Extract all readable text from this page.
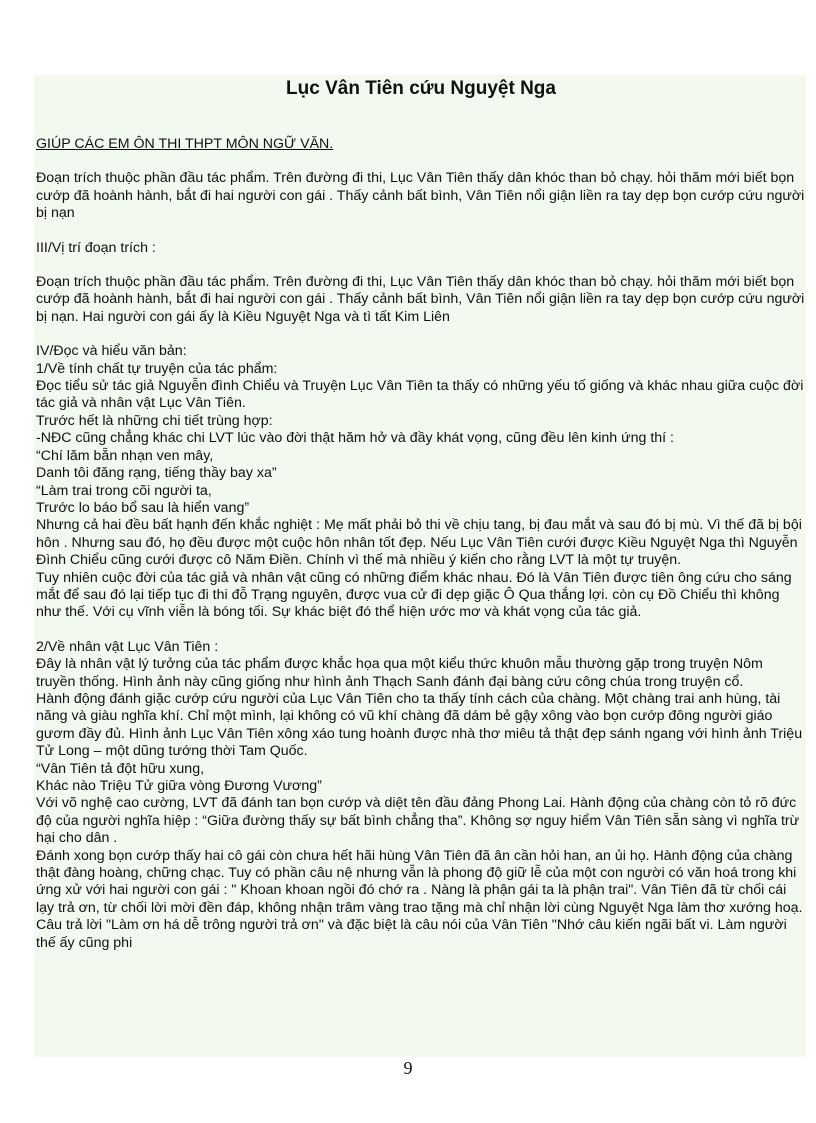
Lục Vân Tiên cứu Nguyệt Nga

GIÚP CÁC EM ÔN THI THPT MÔN NGỮ VĂN.

Đoạn trích thuộc phần đầu tác phẩm. Trên đường đi thi, Lục Vân Tiên thấy dân khóc than bỏ chạy. hỏi thăm mới biết bọn cướp đã hoành hành, bắt đi hai người con gái . Thấy cảnh bất bình, Vân Tiên nổi giận liền ra tay dẹp bọn cướp cứu người bị nạn

III/Vị trí đoạn trích :

Đoạn trích thuộc phần đầu tác phẩm. Trên đường đi thi, Lục Vân Tiên thấy dân khóc than bỏ chạy. hỏi thăm mới biết bọn cướp đã hoành hành, bắt đi hai người con gái . Thấy cảnh bất bình, Vân Tiên nổi giận liền ra tay dẹp bọn cướp cứu người bị nạn. Hai người con gái ấy là Kiều Nguyệt Nga và tì tất Kim Liên

IV/Đọc và hiểu văn bản:

1/Về tính chất tự truyện của tác phẩm:

Đọc tiểu sử tác giả Nguyễn đình Chiểu và Truyện Lục Vân Tiên ta thấy có những yếu tố giống và khác nhau giữa cuộc đời tác giả và nhân vật Lục Vân Tiên.

Trước hết là những chi tiết trùng hợp:

-NĐC cũng chẳng khác chi LVT lúc vào đời thật hăm hở và đầy khát vọng, cũng đều lên kinh ứng thí :

“Chí lăm bẵn nhạn ven mây,

Danh tôi đăng rạng, tiếng thầy bay xa”

“Làm trai trong cõi người ta,

Trước lo báo bổ sau là hiển vang”

Nhưng cả hai đều bất hạnh đến khắc nghiệt : Mẹ mất phải bỏ thi về chịu tang, bị đau mắt và sau đó bị mù. Vì thế đã bị bội hôn . Nhưng sau đó, họ đều được một cuộc hôn nhân tốt đẹp. Nếu Lục Vân Tiên cưới được Kiều Nguyệt Nga thì Nguyễn Đình Chiểu cũng cưới được cô Năm Điền. Chính vì thế mà nhiều ý kiến cho rằng LVT là một tự truyện.

Tuy nhiên cuộc đời của tác giả và nhân vật cũng có những điểm khác nhau. Đó là Vân Tiên được tiên ông cứu cho sáng mắt để sau đó lại tiếp tục đi thi đỗ Trạng nguyên, được vua cử đi dẹp giặc Ô Qua thắng lợi. còn cụ Đồ Chiểu thì không như thế. Với cụ vĩnh viễn là bóng tối. Sự khác biệt đó thể hiện ước mơ và khát vọng của tác giả.

2/Về nhân vật Lục Vân Tiên :

Đây là nhân vật lý tưởng của tác phẩm được khắc họa qua một kiểu thức khuôn mẫu thường gặp trong truyện Nôm truyền thống. Hình ảnh này cũng giống như hình ảnh Thạch Sanh đánh đại bàng cứu công chúa trong truyện cổ.

Hành động đánh giặc cướp cứu người của Lục Vân Tiên cho ta thấy tính cách của chàng. Một chàng trai anh hùng, tài năng và giàu nghĩa khí. Chỉ một mình, lại không có vũ khí chàng đã dám bẻ gậy xông vào bọn cướp đông người giáo gươm đầy đủ. Hình ảnh Lục Vân Tiên xông xáo tung hoành được nhà thơ miêu tả thật đẹp sánh ngang với hình ảnh Triệu Tử Long – một dũng tướng thời Tam Quốc.

“Vân Tiên tả đột hữu xung,

Khác nào Triệu Tử giữa vòng Đương Vương”

Với võ nghệ cao cường, LVT đã đánh tan bọn cướp và diệt tên đầu đảng Phong Lai. Hành động của chàng còn tỏ rõ đức độ của người nghĩa hiệp : “Giữa đường thấy sự bất bình chẳng tha”. Không sợ nguy hiểm Vân Tiên sẵn sàng vì nghĩa trừ hại cho dân .

Đánh xong bọn cướp thấy hai cô gái còn chưa hết hãi hùng Vân Tiên đã ân cần hỏi han, an ủi họ. Hành động của chàng thật đàng hoàng, chững chạc. Tuy có phần câu nệ nhưng vẫn là phong độ giữ lễ của một con người có văn hoá trong khi ứng xử với hai người con gái : " Khoan khoan ngồi đó chớ ra . Nàng là phận gái ta là phận trai". Vân Tiên đã từ chối cái lạy trả ơn, từ chối lời mời đền đáp, không nhận trâm vàng trao tặng mà chỉ nhận lời cùng Nguyệt Nga làm thơ xướng hoạ. Câu trả lời "Làm ơn há dễ trông người trả ơn" và đặc biệt là câu nói của Vân Tiên "Nhớ câu kiến ngãi bất vi. Làm người thế ấy cũng phi

9
